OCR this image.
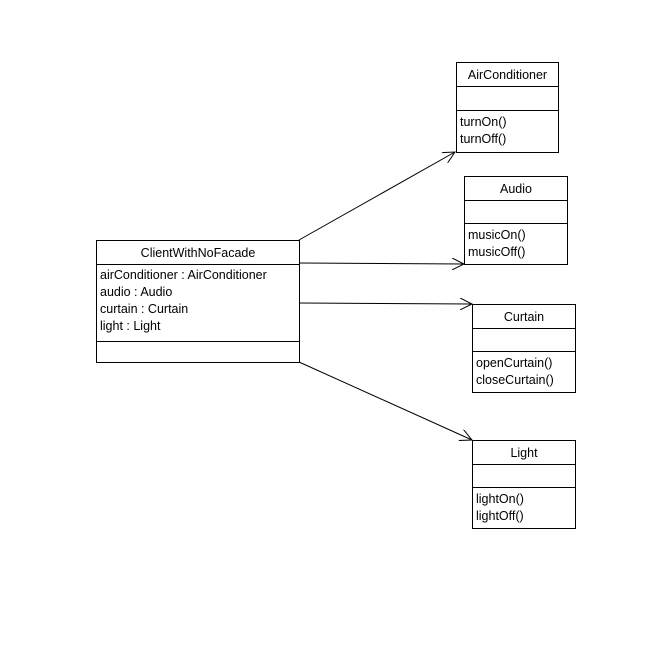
ClientWithNoFacade
airConditioner : AirConditioner
audio : Audio
curtain : Curtain
light : Light
AirConditioner
turnOn()
turnOff()
Audio
musicOn()
musicOff()
Curtain
openCurtain()
closeCurtain()
Light
lightOn()
lightOff()
